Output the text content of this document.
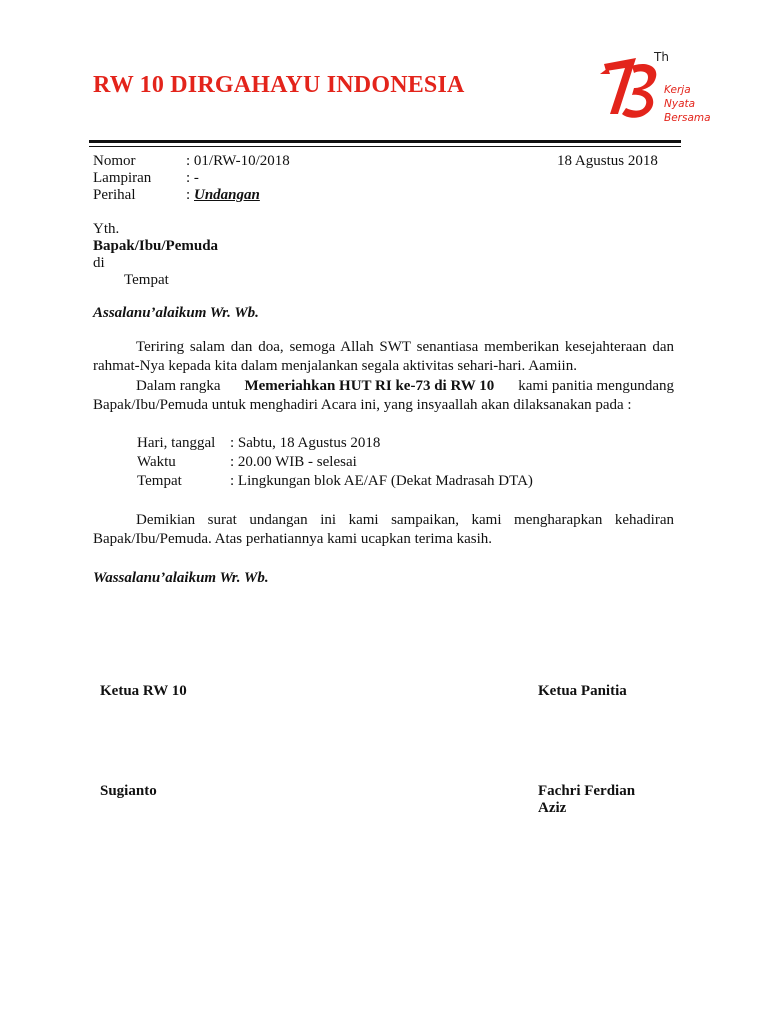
RW 10 DIRGAHAYU INDONESIA
Th
Kerja
Nyata
Bersama
Nomor	: 01/RW-10/2018	18 Agustus 2018
Lampiran : -
Perihal	: Undangan
Yth.
Bapak/Ibu/Pemuda
di
Tempat
Assalanu’alaikum Wr. Wb.
Teriring salam dan doa, semoga Allah SWT senantiasa memberikan kesejahteraan dan
rahmat-Nya kepada kita dalam menjalankan segala aktivitas sehari-hari. Aamiin.
Dalam rangka Memeriahkan HUT RI ke-73 di RW 10 kami panitia mengundang
Bapak/Ibu/Pemuda untuk menghadiri Acara ini, yang insyaallah akan dilaksanakan pada :
Hari, tanggal : Sabtu, 18 Agustus 2018
Waktu	: 20.00 WIB - selesai
Tempat	: Lingkungan blok AE/AF (Dekat Madrasah DTA)
Demikian surat undangan ini kami sampaikan, kami mengharapkan kehadiran
Bapak/Ibu/Pemuda. Atas perhatiannya kami ucapkan terima kasih.
Wassalanu’alaikum Wr. Wb.
Ketua RW 10	Ketua Panitia
Sugianto	Fachri Ferdian
Aziz
